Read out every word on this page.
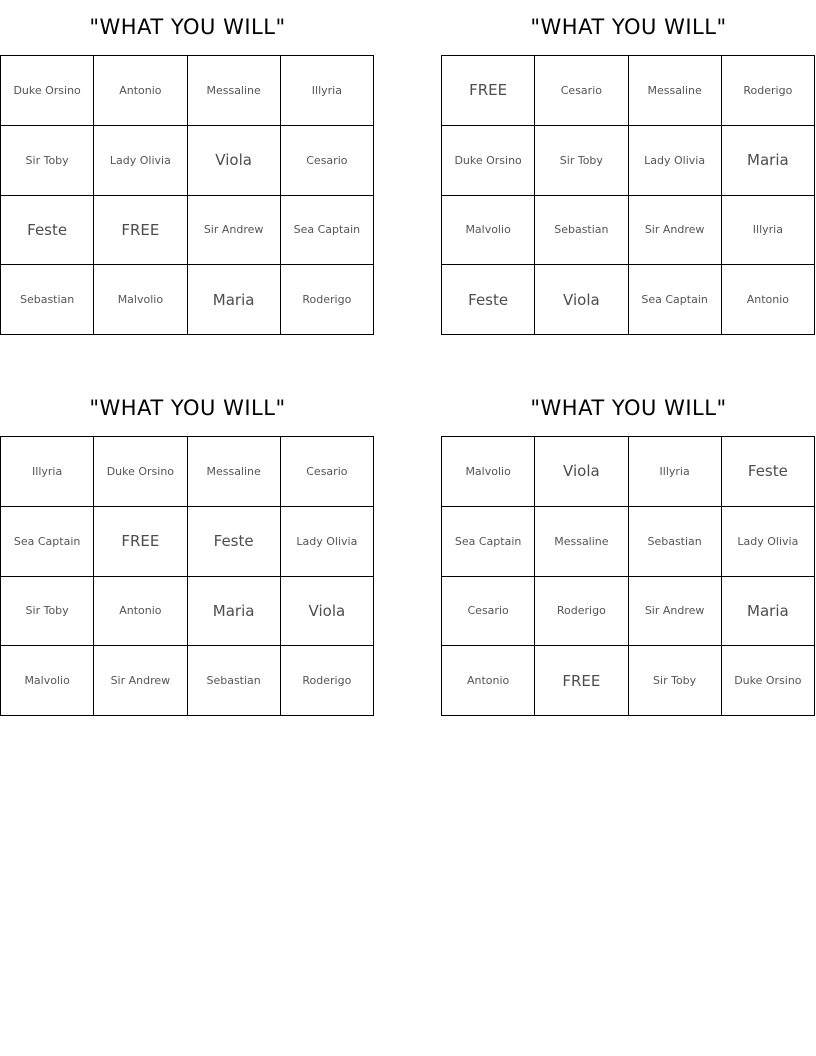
"WHAT YOU WILL"
Duke Orsino	Antonio	Messaline	Illyria
Sir Toby	Lady Olivia	Viola	Cesario
Feste	FREE	Sir Andrew	Sea Captain
Sebastian	Malvolio	Maria	Roderigo
"WHAT YOU WILL"
FREE	Cesario	Messaline	Roderigo
Duke Orsino	Sir Toby	Lady Olivia	Maria
Malvolio	Sebastian	Sir Andrew	Illyria
Feste	Viola	Sea Captain	Antonio
"WHAT YOU WILL"
Illyria	Duke Orsino	Messaline	Cesario
Sea Captain	FREE	Feste	Lady Olivia
Sir Toby	Antonio	Maria	Viola
Malvolio	Sir Andrew	Sebastian	Roderigo
"WHAT YOU WILL"
Malvolio	Viola	Illyria	Feste
Sea Captain	Messaline	Sebastian	Lady Olivia
Cesario	Roderigo	Sir Andrew	Maria
Antonio	FREE	Sir Toby	Duke Orsino
